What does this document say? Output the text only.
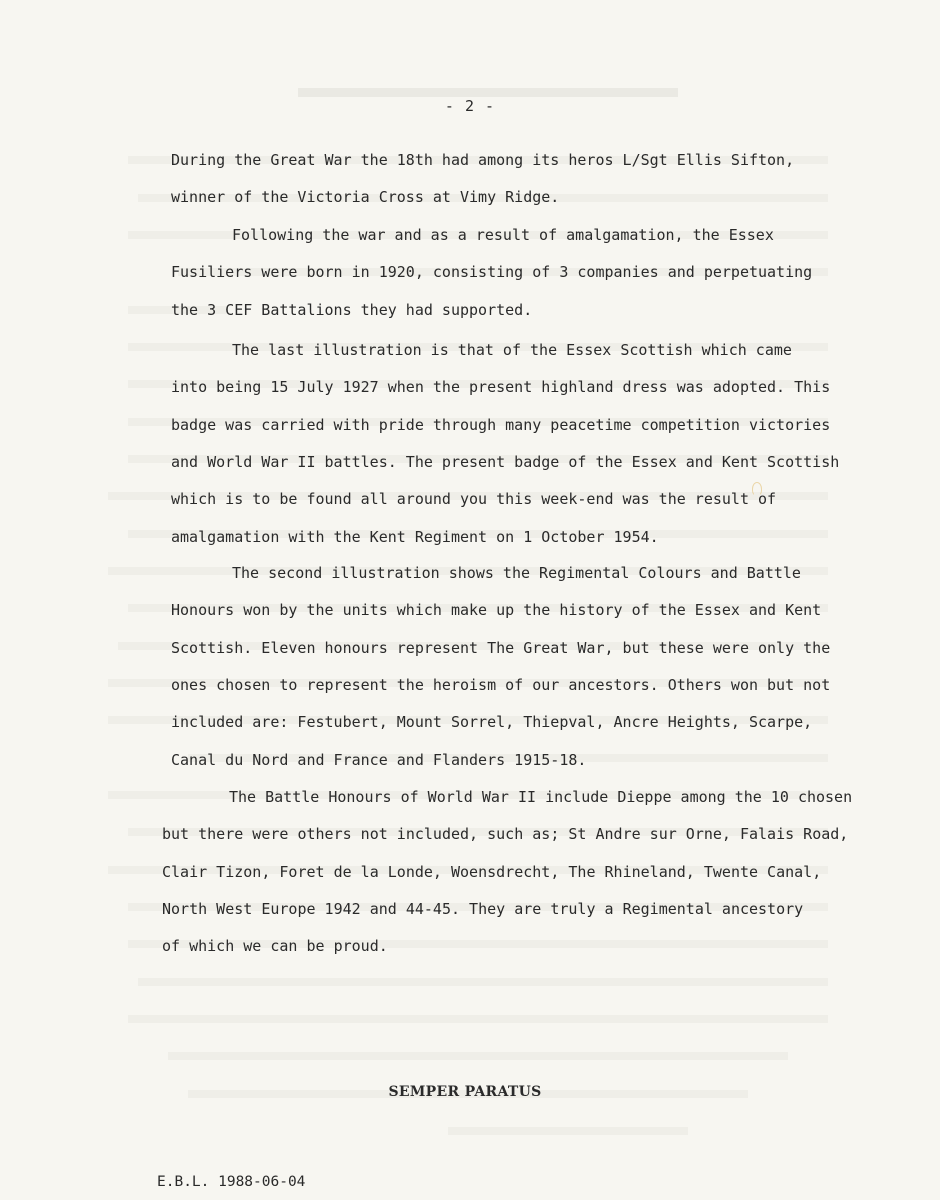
- 2 -
During the Great War the 18th had among its heros L/Sgt Ellis Sifton,
winner of the Victoria Cross at Vimy Ridge.
Following the war and as a result of amalgamation, the Essex
Fusiliers were born in 1920, consisting of 3 companies and perpetuating
the 3 CEF Battalions they had supported.
The last illustration is that of the Essex Scottish which came
into being 15 July 1927 when the present highland dress was adopted. This
badge was carried with pride through many peacetime competition victories
and World War II battles. The present badge of the Essex and Kent Scottish
which is to be found all around you this week-end was the result of
amalgamation with the Kent Regiment on 1 October 1954.
The second illustration shows the Regimental Colours and Battle
Honours won by the units which make up the history of the Essex and Kent
Scottish. Eleven honours represent The Great War, but these were only the
ones chosen to represent the heroism of our ancestors. Others won but not
included are: Festubert, Mount Sorrel, Thiepval, Ancre Heights, Scarpe,
Canal du Nord and France and Flanders 1915-18.
The Battle Honours of World War II include Dieppe among the 10 chosen
but there were others not included, such as; St Andre sur Orne, Falais Road,
Clair Tizon, Foret de la Londe, Woensdrecht, The Rhineland, Twente Canal,
North West Europe 1942 and 44-45. They are truly a Regimental ancestory
of which we can be proud.
SEMPER PARATUS
E.B.L. 1988-06-04
